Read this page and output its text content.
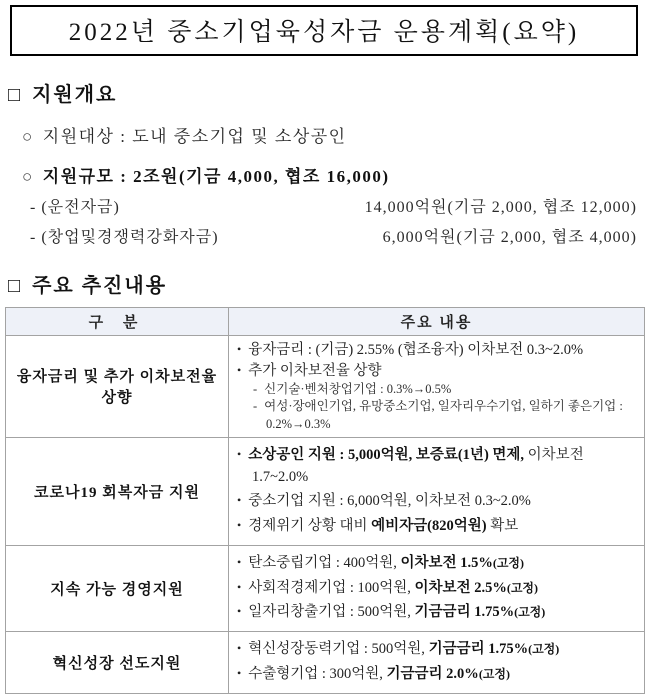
2022년 중소기업육성자금 운용계획(요약)
□ 지원개요
○ 지원대상 : 도내 중소기업 및 소상공인
○ 지원규모 : 2조원(기금 4,000, 협조 16,000)
- (운전자금)	14,000억원(기금 2,000, 협조 12,000)
- (창업및경쟁력강화자금)	6,000억원(기금 2,000, 협조 4,000)
□ 주요 추진내용
구 분	주요 내용
융자금리 및 추가 이차보전율 상향	• 융자금리 : (기금) 2.55% (협조융자) 이차보전 0.3~2.0%
• 추가 이차보전율 상향
- 신기술·벤처창업기업 : 0.3%→0.5%
- 여성·장애인기업, 유망중소기업, 일자리우수기업, 일하기 좋은기업 : 0.2%→0.3%

코로나19 회복자금 지원	• 소상공인 지원 : 5,000억원, 보증료(1년) 면제, 이차보전 1.7~2.0%
• 중소기업 지원 : 6,000억원, 이차보전 0.3~2.0%
• 경제위기 상황 대비 예비자금(820억원) 확보

지속 가능 경영지원	• 탄소중립기업 : 400억원, 이차보전 1.5%(고정)
• 사회적경제기업 : 100억원, 이차보전 2.5%(고정)
• 일자리창출기업 : 500억원, 기금금리 1.75%(고정)

혁신성장 선도지원	• 혁신성장동력기업 : 500억원, 기금금리 1.75%(고정)
• 수출형기업 : 300억원, 기금금리 2.0%(고정)
